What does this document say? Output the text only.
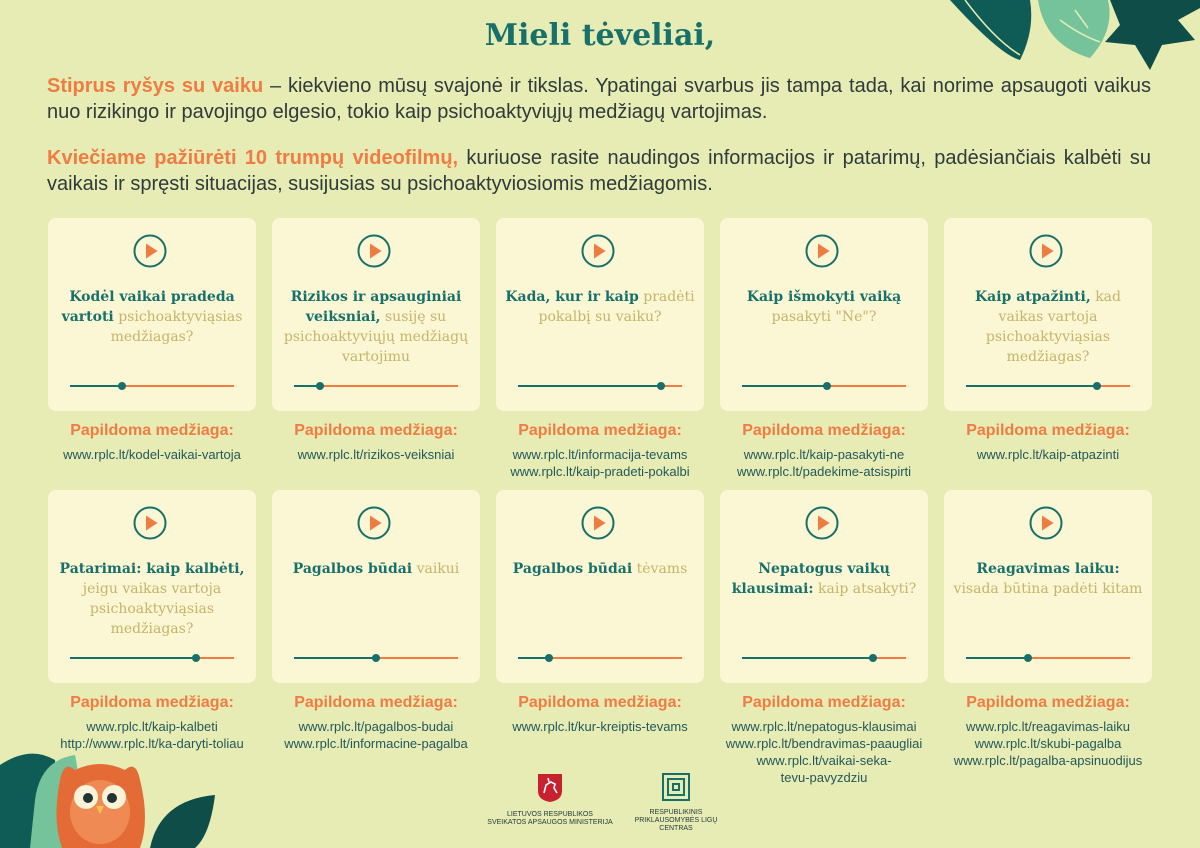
Mieli tėveliai,

Stiprus ryšys su vaiku – kiekvieno mūsų svajonė ir tikslas. Ypatingai svarbus jis tampa tada, kai norime apsaugoti vaikus nuo rizikingo ir pavojingo elgesio, tokio kaip psichoaktyviųjų medžiagų vartojimas.

Kviečiame pažiūrėti 10 trumpų videofilmų, kuriuose rasite naudingos informacijos ir patarimų, padėsiančiais kalbėti su vaikais ir spręsti situacijas, susijusias su psichoaktyviosiomis medžiagomis.

Kodėl vaikai pradeda vartoti psichoaktyviąsias medžiagas?
Papildoma medžiaga:
www.rplc.lt/kodel-vaikai-vartoja
Rizikos ir apsauginiai veiksniai, susiję su psichoaktyviųjų medžiagų vartojimu
Papildoma medžiaga:
www.rplc.lt/rizikos-veiksniai
Kada, kur ir kaip pradėti pokalbį su vaiku?
Papildoma medžiaga:
www.rplc.lt/informacija-tevams
www.rplc.lt/kaip-pradeti-pokalbi
Kaip išmokyti vaiką pasakyti "Ne"?
Papildoma medžiaga:
www.rplc.lt/kaip-pasakyti-ne
www.rplc.lt/padekime-atsispirti
Kaip atpažinti, kad vaikas vartoja psichoaktyviąsias medžiagas?
Papildoma medžiaga:
www.rplc.lt/kaip-atpazinti
Patarimai: kaip kalbėti, jeigu vaikas vartoja psichoaktyviąsias medžiagas?
Papildoma medžiaga:
www.rplc.lt/kaip-kalbeti
http://www.rplc.lt/ka-daryti-toliau
Pagalbos būdai vaikui
Papildoma medžiaga:
www.rplc.lt/pagalbos-budai
www.rplc.lt/informacine-pagalba
Pagalbos būdai tėvams
Papildoma medžiaga:
www.rplc.lt/kur-kreiptis-tevams
Nepatogus vaikų klausimai: kaip atsakyti?
Papildoma medžiaga:
www.rplc.lt/nepatogus-klausimai
www.rplc.lt/bendravimas-paaugliai
www.rplc.lt/vaikai-seka-
tevu-pavyzdziu
Reagavimas laiku: visada būtina padėti kitam
Papildoma medžiaga:
www.rplc.lt/reagavimas-laiku
www.rplc.lt/skubi-pagalba
www.rplc.lt/pagalba-apsinuodijus
LIETUVOS RESPUBLIKOS
SVEIKATOS APSAUGOS MINISTERIJA
RESPUBLIKINIS
PRIKLAUSOMYBĖS LIGŲ
CENTRAS
